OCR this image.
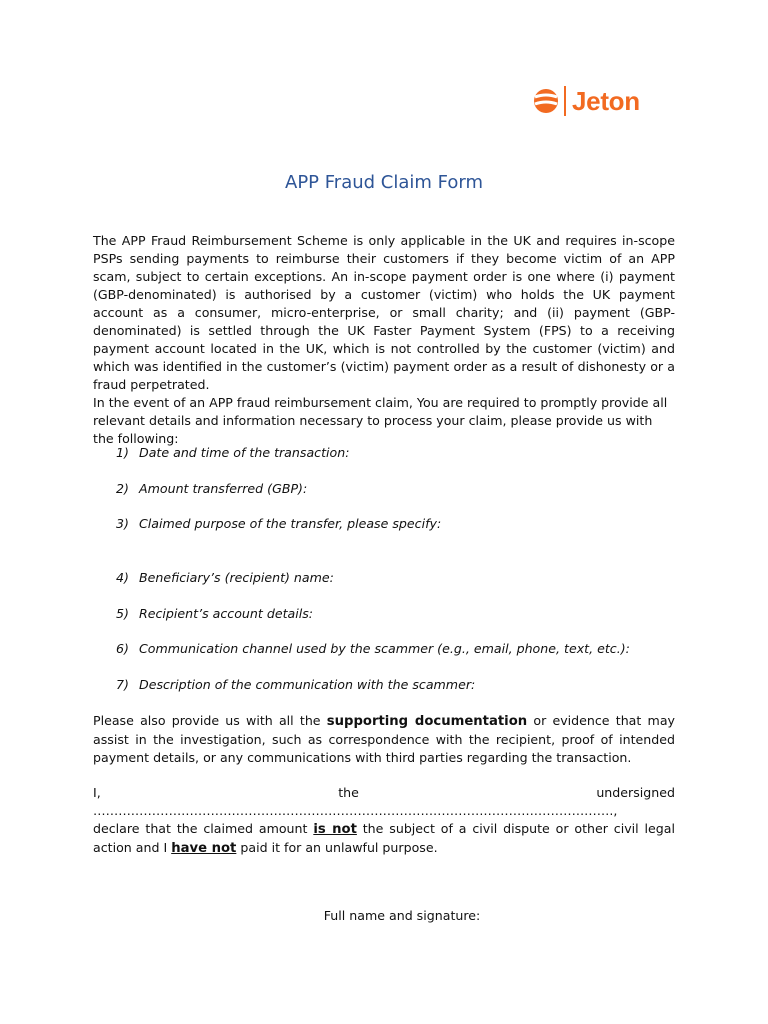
Jeton
APP Fraud Claim Form

The APP Fraud Reimbursement Scheme is only applicable in the UK and requires in-scope PSPs sending payments to reimburse their customers if they become victim of an APP scam, subject to certain exceptions. An in-scope payment order is one where (i) payment (GBP-denominated) is authorised by a customer (victim) who holds the UK payment account as a consumer, micro-enterprise, or small charity; and (ii) payment (GBP-denominated) is settled through the UK Faster Payment System (FPS) to a receiving payment account located in the UK, which is not controlled by the customer (victim) and which was identified in the customer’s (victim) payment order as a result of dishonesty or a fraud perpetrated.

In the event of an APP fraud reimbursement claim, You are required to promptly provide all relevant details and information necessary to process your claim, please provide us with the following:

1) Date and time of the transaction:
2) Amount transferred (GBP):
3) Claimed purpose of the transfer, please specify:
4) Beneficiary’s (recipient) name:
5) Recipient’s account details:
6) Communication channel used by the scammer (e.g., email, phone, text, etc.):
7) Description of the communication with the scammer:

Please also provide us with all the supporting documentation or evidence that may assist in the investigation, such as correspondence with the recipient, proof of intended payment details, or any communications with third parties regarding the transaction.

I, the undersigned …………………………………………………………………………………………………………….,
declare that the claimed amount is not the subject of a civil dispute or other civil legal action and I have not paid it for an unlawful purpose.

Full name and signature:
